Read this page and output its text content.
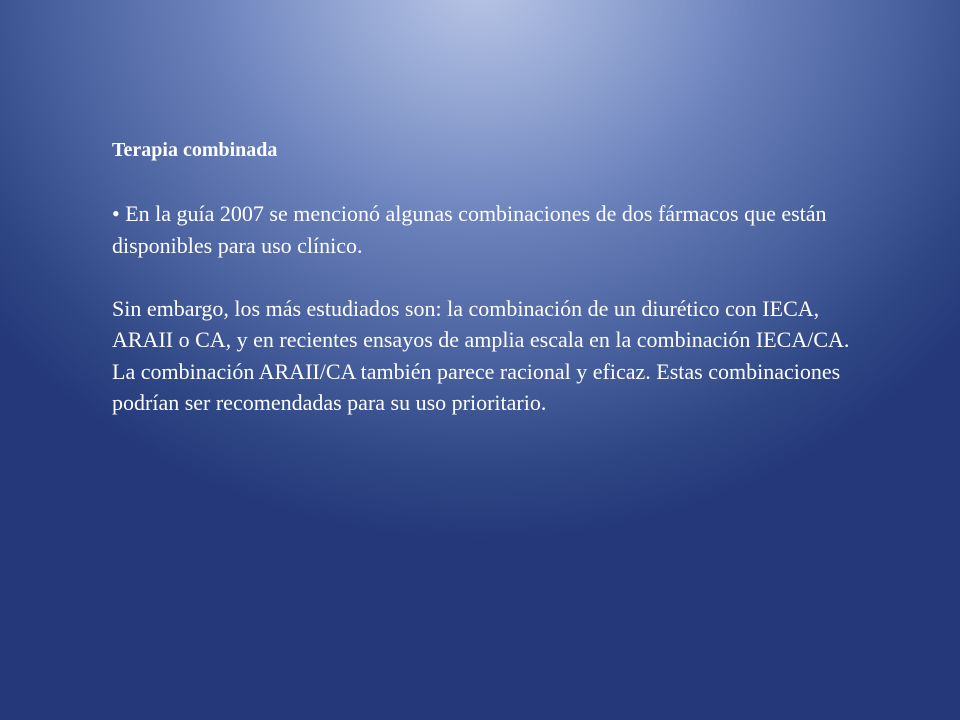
Terapia combinada

• En la guía 2007 se mencionó algunas combinaciones de dos fármacos que están disponibles para uso clínico.

Sin embargo, los más estudiados son: la combinación de un diurético con IECA, ARAII o CA, y en recientes ensayos de amplia escala en la combinación IECA/CA.

La combinación ARAII/CA también parece racional y eficaz. Estas combinaciones podrían ser recomendadas para su uso prioritario.
